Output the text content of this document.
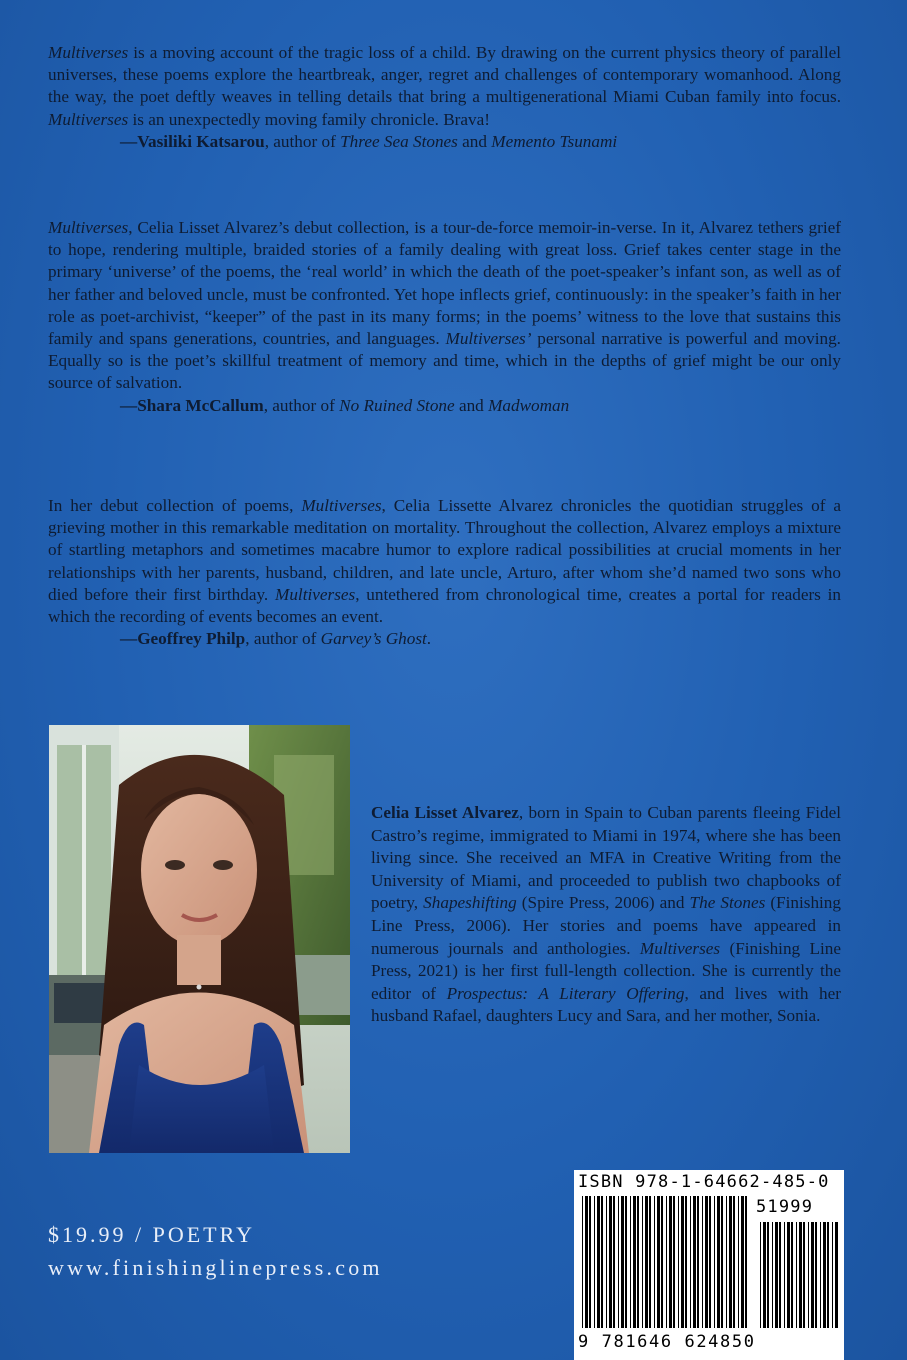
Multiverses is a moving account of the tragic loss of a child. By drawing on the current physics theory of parallel universes, these poems explore the heartbreak, anger, regret and challenges of contemporary womanhood. Along the way, the poet deftly weaves in telling details that bring a multigenerational Miami Cuban family into focus. Multiverses is an unexpectedly moving family chronicle. Brava!

—Vasiliki Katsarou, author of Three Sea Stones and Memento Tsunami

Multiverses, Celia Lisset Alvarez’s debut collection, is a tour-de-force memoir-in-verse. In it, Alvarez tethers grief to hope, rendering multiple, braided stories of a family dealing with great loss. Grief takes center stage in the primary ‘universe’ of the poems, the ‘real world’ in which the death of the poet-speaker’s infant son, as well as of her father and beloved uncle, must be confronted. Yet hope inflects grief, continuously: in the speaker’s faith in her role as poet-archivist, “keeper” of the past in its many forms; in the poems’ witness to the love that sustains this family and spans generations, countries, and languages. Multiverses’ personal narrative is powerful and moving. Equally so is the poet’s skillful treatment of memory and time, which in the depths of grief might be our only source of salvation.

—Shara McCallum, author of No Ruined Stone and Madwoman

In her debut collection of poems, Multiverses, Celia Lissette Alvarez chronicles the quotidian struggles of a grieving mother in this remarkable meditation on mortality. Throughout the collection, Alvarez employs a mixture of startling metaphors and sometimes macabre humor to explore radical possibilities at crucial moments in her relationships with her parents, husband, children, and late uncle, Arturo, after whom she’d named two sons who died before their first birthday. Multiverses, untethered from chronological time, creates a portal for readers in which the recording of events becomes an event.

—Geoffrey Philp, author of Garvey’s Ghost.

Celia Lisset Alvarez, born in Spain to Cuban parents fleeing Fidel Castro’s regime, immigrated to Miami in 1974, where she has been living since. She received an MFA in Creative Writing from the University of Miami, and proceeded to publish two chapbooks of poetry, Shapeshifting (Spire Press, 2006) and The Stones (Finishing Line Press, 2006). Her stories and poems have appeared in numerous journals and anthologies. Multiverses (Finishing Line Press, 2021) is her first full-length collection. She is currently the editor of Prospectus: A Literary Offering, and lives with her husband Rafael, daughters Lucy and Sara, and her mother, Sonia.

$19.99 / POETRY

www.finishinglinepress.com

ISBN 978-1-64662-485-0
51999
9 781646 624850
